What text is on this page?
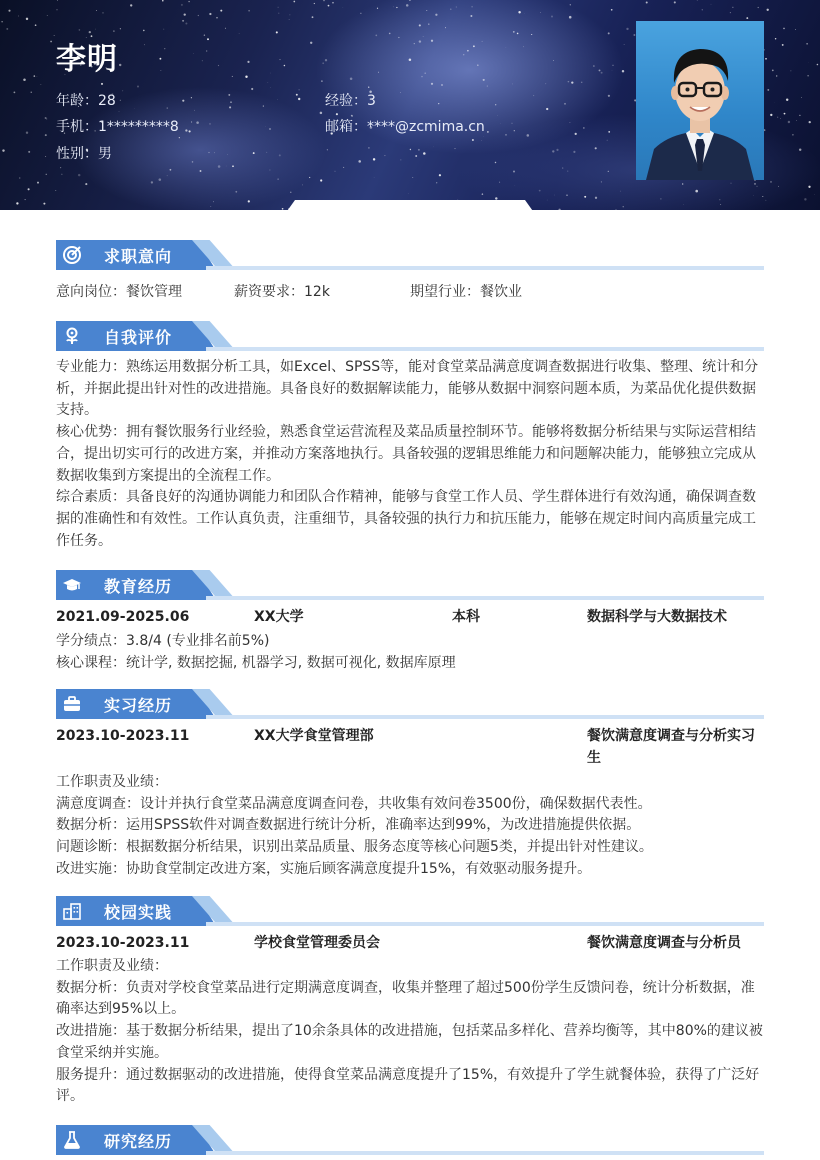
李明
年龄：28	经验：3
手机：1*********8	邮箱：****@zcmima.cn
性别：男
求职意向
意向岗位：餐饮管理	薪资要求：12k	期望行业：餐饮业
自我评价
专业能力：熟练运用数据分析工具，如Excel、SPSS等，能对食堂菜品满意度调查数据进行收集、整理、统计和分析，并据此提出针对性的改进措施。具备良好的数据解读能力，能够从数据中洞察问题本质，为菜品优化提供数据支持。
核心优势：拥有餐饮服务行业经验，熟悉食堂运营流程及菜品质量控制环节。能够将数据分析结果与实际运营相结合，提出切实可行的改进方案，并推动方案落地执行。具备较强的逻辑思维能力和问题解决能力，能够独立完成从数据收集到方案提出的全流程工作。
综合素质：具备良好的沟通协调能力和团队合作精神，能够与食堂工作人员、学生群体进行有效沟通，确保调查数据的准确性和有效性。工作认真负责，注重细节，具备较强的执行力和抗压能力，能够在规定时间内高质量完成工作任务。
教育经历
2021.09-2025.06	XX大学	本科	数据科学与大数据技术
学分绩点：3.8/4 (专业排名前5%)
核心课程：统计学, 数据挖掘, 机器学习, 数据可视化, 数据库原理
实习经历
2023.10-2023.11	XX大学食堂管理部	餐饮满意度调查与分析实习
生
工作职责及业绩：
满意度调查：设计并执行食堂菜品满意度调查问卷，共收集有效问卷3500份，确保数据代表性。
数据分析：运用SPSS软件对调查数据进行统计分析，准确率达到99%，为改进措施提供依据。
问题诊断：根据数据分析结果，识别出菜品质量、服务态度等核心问题5类，并提出针对性建议。
改进实施：协助食堂制定改进方案，实施后顾客满意度提升15%，有效驱动服务提升。
校园实践
2023.10-2023.11	学校食堂管理委员会	餐饮满意度调查与分析员
工作职责及业绩：
数据分析：负责对学校食堂菜品进行定期满意度调查，收集并整理了超过500份学生反馈问卷，统计分析数据，准确率达到95%以上。
改进措施：基于数据分析结果，提出了10余条具体的改进措施，包括菜品多样化、营养均衡等，其中80%的建议被食堂采纳并实施。
服务提升：通过数据驱动的改进措施，使得食堂菜品满意度提升了15%，有效提升了学生就餐体验，获得了广泛好评。
研究经历
